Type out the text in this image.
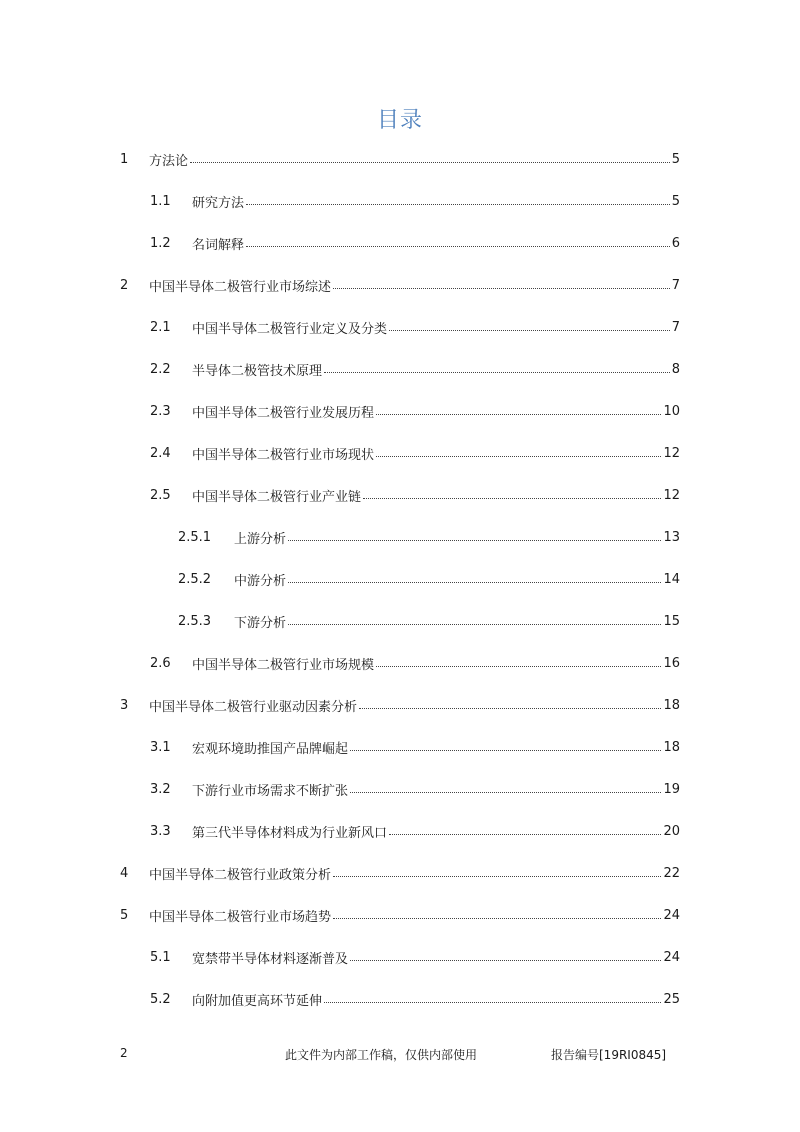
目录
1	方法论	5
1.1	研究方法	5
1.2	名词解释	6
2	中国半导体二极管行业市场综述	7
2.1	中国半导体二极管行业定义及分类	7
2.2	半导体二极管技术原理	8
2.3	中国半导体二极管行业发展历程	10
2.4	中国半导体二极管行业市场现状	12
2.5	中国半导体二极管行业产业链	12
2.5.1	上游分析	13
2.5.2	中游分析	14
2.5.3	下游分析	15
2.6	中国半导体二极管行业市场规模	16
3	中国半导体二极管行业驱动因素分析	18
3.1	宏观环境助推国产品牌崛起	18
3.2	下游行业市场需求不断扩张	19
3.3	第三代半导体材料成为行业新风口	20
4	中国半导体二极管行业政策分析	22
5	中国半导体二极管行业市场趋势	24
5.1	宽禁带半导体材料逐渐普及	24
5.2	向附加值更高环节延伸	25
2	此文件为内部工作稿，仅供内部使用	报告编号[19RI0845]
